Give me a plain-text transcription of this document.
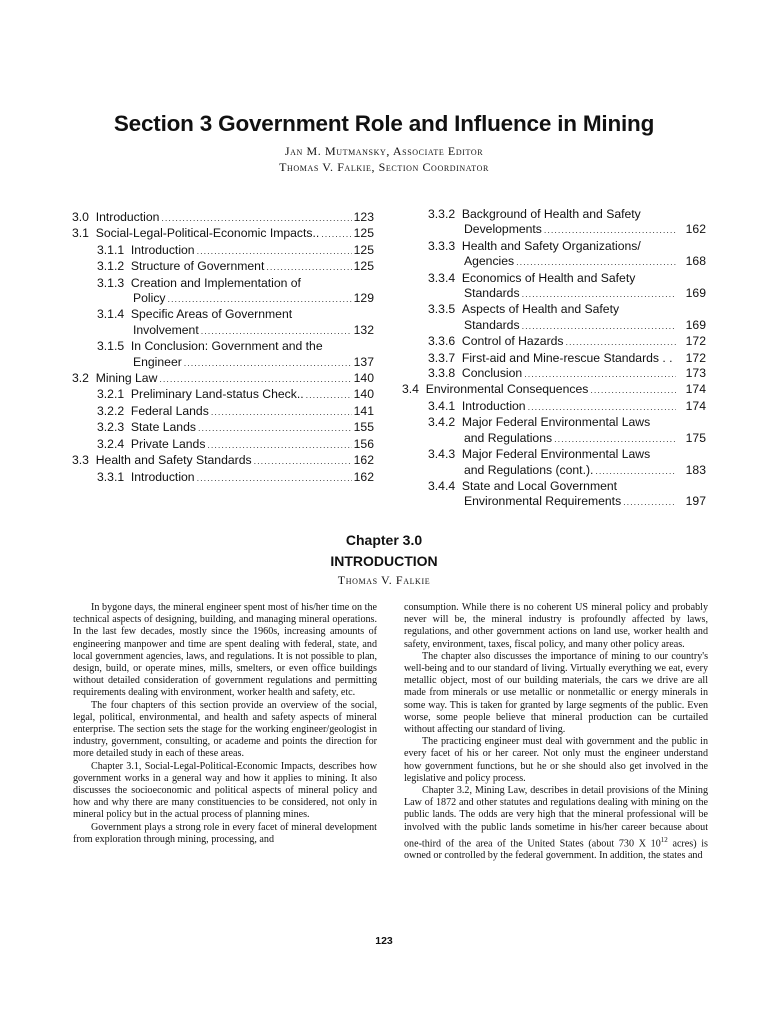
Section 3 Government Role and Influence in Mining
Jan M. Mutmansky, Associate Editor
Thomas V. Falkie, Section Coordinator
3.0 Introduction .....	123
3.1 Social-Legal-Political-Economic Impacts.. .....	125
3.1.1 Introduction .....	125
3.1.2 Structure of Government .....	125
3.1.3 Creation and Implementation of
Policy .....	129
3.1.4 Specific Areas of Government
Involvement .....	132
3.1.5 In Conclusion: Government and the
Engineer .....	137
3.2 Mining Law .....	140
3.2.1 Preliminary Land-status Check.. .....	140
3.2.2 Federal Lands .....	141
3.2.3 State Lands .....	155
3.2.4 Private Lands .....	156
3.3 Health and Safety Standards .....	162
3.3.1 Introduction .....	162
3.3.2 Background of Health and Safety
Developments .....	162
3.3.3 Health and Safety Organizations/
Agencies .....	168
3.3.4 Economics of Health and Safety
Standards .....	169
3.3.5 Aspects of Health and Safety
Standards .....	169
3.3.6 Control of Hazards .....	172
3.3.7 First-aid and Mine-rescue Standards . .	172
3.3.8 Conclusion .....	173
3.4 Environmental Consequences .....	174
3.4.1 Introduction .....	174
3.4.2 Major Federal Environmental Laws
and Regulations .....	175
3.4.3 Major Federal Environmental Laws
and Regulations (cont.). .....	183
3.4.4 State and Local Government
Environmental Requirements .....	197
Chapter 3.0
INTRODUCTION
Thomas V. Falkie

In bygone days, the mineral engineer spent most of his/her time on the technical aspects of designing, building, and managing mineral operations. In the last few decades, mostly since the 1960s, increasing amounts of engineering manpower and time are spent dealing with federal, state, and local government agencies, laws, and regulations. It is not possible to plan, design, build, or operate mines, mills, smelters, or even office buildings without detailed consideration of government regulations and permitting requirements dealing with environment, worker health and safety, etc.

The four chapters of this section provide an overview of the social, legal, political, environmental, and health and safety aspects of mineral enterprise. The section sets the stage for the working engineer/geologist in industry, government, consulting, or academe and points the direction for more detailed study in each of these areas.

Chapter 3.1, Social-Legal-Political-Economic Impacts, describes how government works in a general way and how it applies to mining. It also discusses the socioeconomic and political aspects of mineral policy and how and why there are many constituencies to be considered, not only in mineral policy but in the actual process of planning mines.

Government plays a strong role in every facet of mineral development from exploration through mining, processing, and

consumption. While there is no coherent US mineral policy and probably never will be, the mineral industry is profoundly affected by laws, regulations, and other government actions on land use, worker health and safety, environment, taxes, fiscal policy, and many other policy areas.

The chapter also discusses the importance of mining to our country's well-being and to our standard of living. Virtually everything we eat, every metallic object, most of our building materials, the cars we drive are all made from minerals or use metallic or nonmetallic or energy minerals in some way. This is taken for granted by large segments of the public. Even worse, some people believe that mineral production can be curtailed without affecting our standard of living.

The practicing engineer must deal with government and the public in every facet of his or her career. Not only must the engineer understand how government functions, but he or she should also get involved in the legislative and policy process.

Chapter 3.2, Mining Law, describes in detail provisions of the Mining Law of 1872 and other statutes and regulations dealing with mining on the public lands. The odds are very high that the mineral professional will be involved with the public lands sometime in his/her career because about one-third of the area of the United States (about 730 X $10^{12}$ acres) is owned or controlled by the federal government. In addition, the states and

123
